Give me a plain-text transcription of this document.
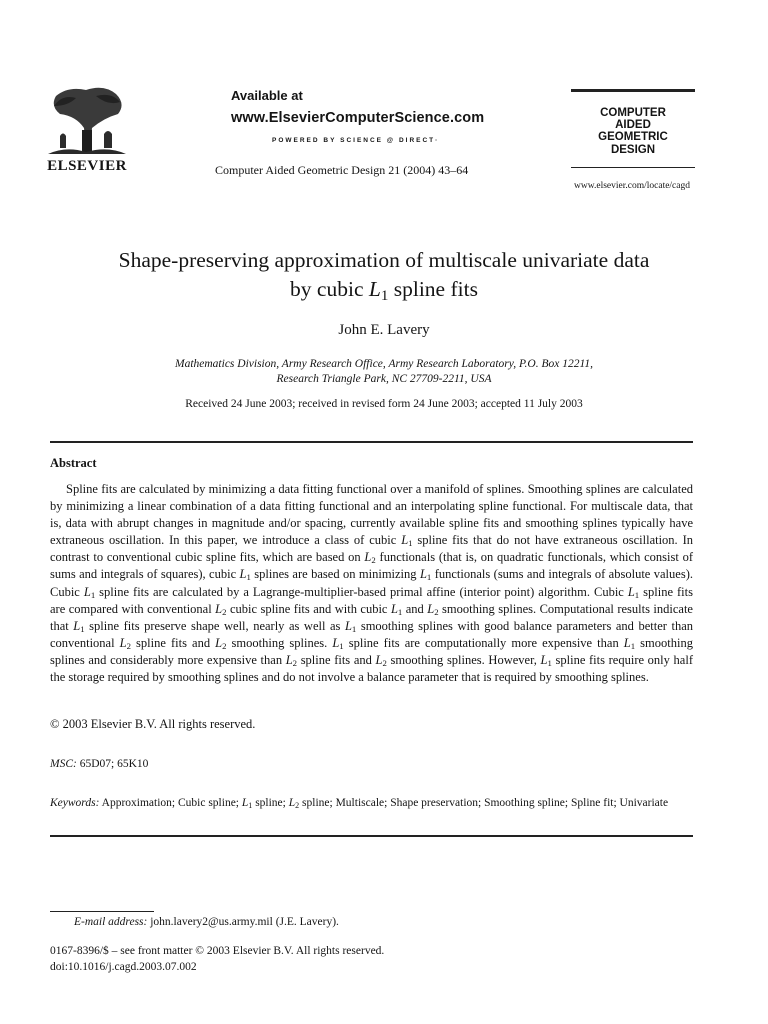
ELSEVIER
Available at
www.ElsevierComputerScience.com
POWERED BY SCIENCE @ DIRECT·
Computer Aided Geometric Design 21 (2004) 43–64
COMPUTER
AIDED
GEOMETRIC
DESIGN
www.elsevier.com/locate/cagd
Shape-preserving approximation of multiscale univariate data
by cubic $L_1$ spline fits
John E. Lavery
Mathematics Division, Army Research Office, Army Research Laboratory, P.O. Box 12211,
Research Triangle Park, NC 27709-2211, USA
Received 24 June 2003; received in revised form 24 June 2003; accepted 11 July 2003
Abstract

Spline fits are calculated by minimizing a data fitting functional over a manifold of splines. Smoothing splines are calculated by minimizing a linear combination of a data fitting functional and an interpolating spline functional. For multiscale data, that is, data with abrupt changes in magnitude and/or spacing, currently available spline fits and smoothing splines typically have extraneous oscillation. In this paper, we introduce a class of cubic $L_1$ spline fits that do not have extraneous oscillation. In contrast to conventional cubic spline fits, which are based on $L_2$ functionals (that is, on quadratic functionals, which consist of sums and integrals of squares), cubic $L_1$ splines are based on minimizing $L_1$ functionals (sums and integrals of absolute values). Cubic $L_1$ spline fits are calculated by a Lagrange-multiplier-based primal affine (interior point) algorithm. Cubic $L_1$ spline fits are compared with conventional $L_2$ cubic spline fits and with cubic $L_1$ and $L_2$ smoothing splines. Computational results indicate that $L_1$ spline fits preserve shape well, nearly as well as $L_1$ smoothing splines with good balance parameters and better than conventional $L_2$ spline fits and $L_2$ smoothing splines. $L_1$ spline fits are computationally more expensive than $L_1$ smoothing splines and considerably more expensive than $L_2$ spline fits and $L_2$ smoothing splines. However, $L_1$ spline fits require only half the storage required by smoothing splines and do not involve a balance parameter that is required by smoothing splines.

© 2003 Elsevier B.V. All rights reserved.
MSC: 65D07; 65K10
Keywords: Approximation; Cubic spline; $L_1$ spline; $L_2$ spline; Multiscale; Shape preservation; Smoothing spline; Spline fit; Univariate
E-mail address: john.lavery2@us.army.mil (J.E. Lavery).
0167-8396/$ – see front matter © 2003 Elsevier B.V. All rights reserved.
doi:10.1016/j.cagd.2003.07.002
